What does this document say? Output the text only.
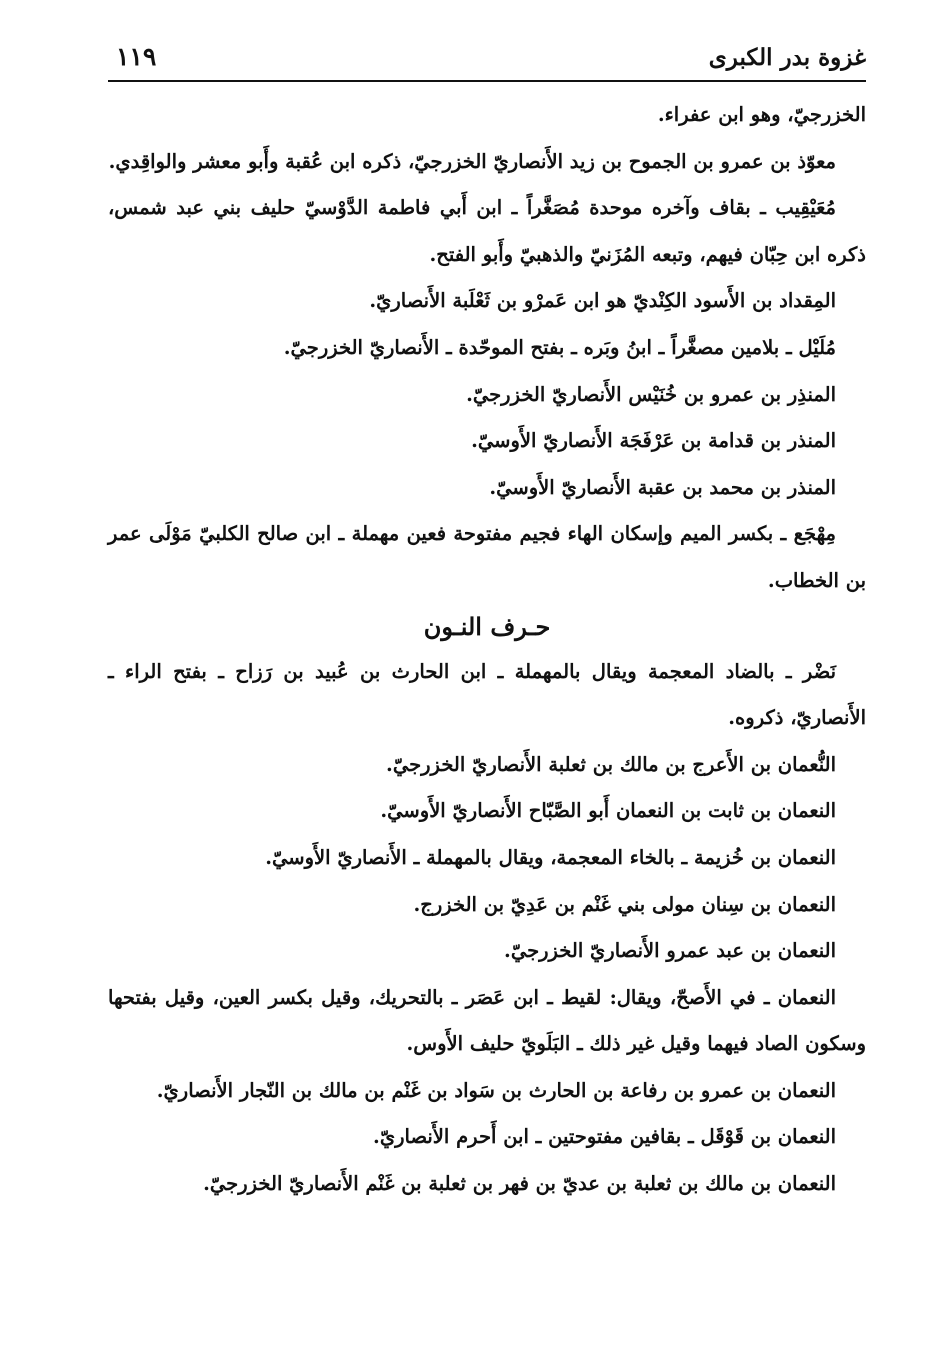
غزوة بدر الكبرى
١١٩

الخزرجيّ، وهو ابن عفراء.

معوّذ بن عمرو بن الجموح بن زيد الأَنصاريّ الخزرجيّ، ذكره ابن عُقبة وأَبو معشر والواقِدي.

مُعَيْقِيب ـ بقاف وآخره موحدة مُصَغَّراً ـ ابن أَبي فاطمة الدَّوْسيّ حليف بني عبد شمس، ذكره ابن حِبّان فيهم، وتبعه المُزَنيّ والذهبيّ وأَبو الفتح.

المِقداد بن الأَسود الكِنْديّ هو ابن عَمرْو بن ثَعْلَبة الأَنصاريّ.

مُلَيْل ـ بلامين مصغَّراً ـ ابنُ وبَره ـ بفتح الموحّدة ـ الأَنصاريّ الخزرجيّ.

المنذِر بن عمرو بن خُنَيْس الأَنصاريّ الخزرجيّ.

المنذر بن قدامة بن عَرْفَجَة الأَنصاريّ الأَوسيّ.

المنذر بن محمد بن عقبة الأَنصاريّ الأَوسيّ.

مِهْجَع ـ بكسر الميم وإسكان الهاء فجيم مفتوحة فعين مهملة ـ ابن صالح الكلبيّ مَوْلَى عمر بن الخطاب.

حـرف النـون

نَضْر ـ بالضاد المعجمة ويقال بالمهملة ـ ابن الحارث بن عُبيد بن رَزاح ـ بفتح الراء ـ الأَنصاريّ، ذكروه.

النُّعمان بن الأَعرج بن مالك بن ثعلبة الأَنصاريّ الخزرجيّ.

النعمان بن ثابت بن النعمان أَبو الصَّبّاح الأَنصاريّ الأَوسيّ.

النعمان بن خُزيمة ـ بالخاء المعجمة، ويقال بالمهملة ـ الأَنصاريّ الأَوسيّ.

النعمان بن سِنان مولى بني غَنْم بن عَدِيّ بن الخزرج.

النعمان بن عبد عمرو الأَنصاريّ الخزرجيّ.

النعمان ـ في الأَصحّ، ويقال: لقيط ـ ابن عَصَر ـ بالتحريك، وقيل بكسر العين، وقيل بفتحها وسكون الصاد فيهما وقيل غير ذلك ـ البَلَويّ حليف الأَوس.

النعمان بن عمرو بن رفاعة بن الحارث بن سَواد بن غَنْم بن مالك بن النّجار الأَنصاريّ.

النعمان بن قَوْقَل ـ بقافين مفتوحتين ـ ابن أَحرم الأَنصاريّ.

النعمان بن مالك بن ثعلبة بن عديّ بن فهر بن ثعلبة بن غَنْم الأَنصاريّ الخزرجيّ.
